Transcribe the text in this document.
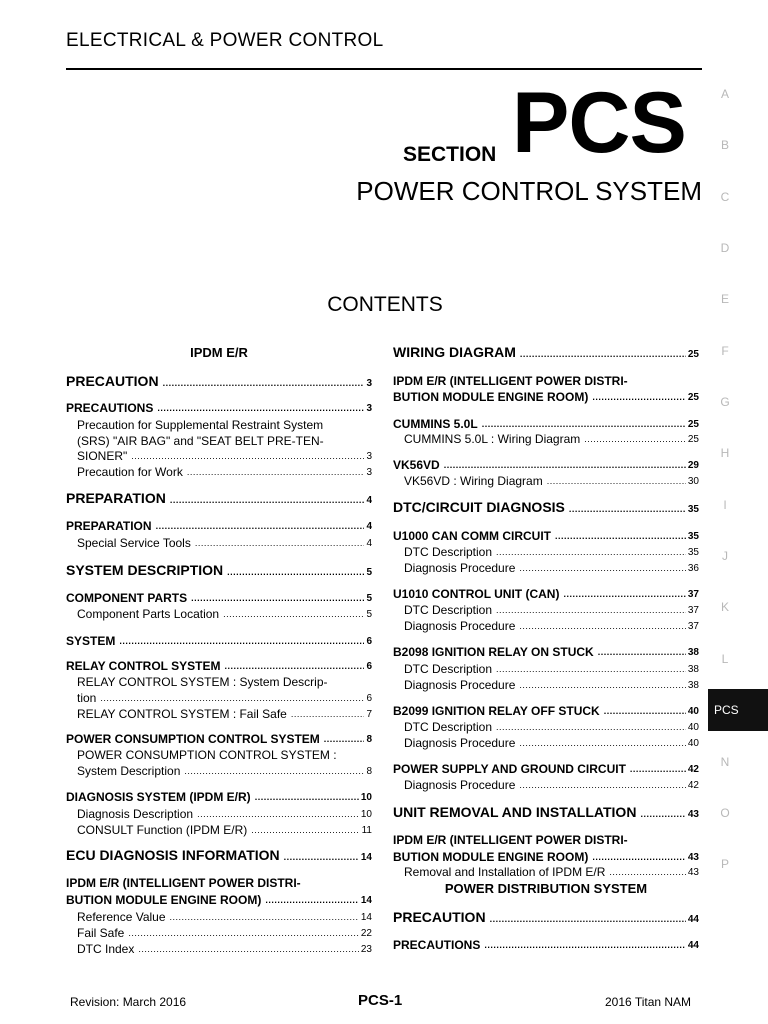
ELECTRICAL & POWER CONTROL
SECTION PCS
POWER CONTROL SYSTEM
CONTENTS
A
B
C
D
E
F
G
H
I
J
K
L
PCS
N
O
P
IPDM E/R
PRECAUTION .....	3
PRECAUTIONS .....	3
Precaution for Supplemental Restraint System
(SRS) "AIR BAG" and "SEAT BELT PRE-TEN-
SIONER" .....	3
Precaution for Work .....	3
PREPARATION .....	4
PREPARATION .....	4
Special Service Tools .....	4
SYSTEM DESCRIPTION .....	5
COMPONENT PARTS .....	5
Component Parts Location .....	5
SYSTEM .....	6
RELAY CONTROL SYSTEM .....	6
RELAY CONTROL SYSTEM : System Descrip-
tion .....	6
RELAY CONTROL SYSTEM : Fail Safe .....	7
POWER CONSUMPTION CONTROL SYSTEM .....	8
POWER CONSUMPTION CONTROL SYSTEM :
System Description .....	8
DIAGNOSIS SYSTEM (IPDM E/R) .....	10
Diagnosis Description .....	10
CONSULT Function (IPDM E/R) .....	11
ECU DIAGNOSIS INFORMATION .....	14
IPDM E/R (INTELLIGENT POWER DISTRI-
BUTION MODULE ENGINE ROOM) .....	14
Reference Value .....	14
Fail Safe .....	22
DTC Index .....	23
WIRING DIAGRAM .....	25
IPDM E/R (INTELLIGENT POWER DISTRI-
BUTION MODULE ENGINE ROOM) .....	25
CUMMINS 5.0L .....	25
CUMMINS 5.0L : Wiring Diagram .....	25
VK56VD .....	29
VK56VD : Wiring Diagram .....	30
DTC/CIRCUIT DIAGNOSIS .....	35
U1000 CAN COMM CIRCUIT .....	35
DTC Description .....	35
Diagnosis Procedure .....	36
U1010 CONTROL UNIT (CAN) .....	37
DTC Description .....	37
Diagnosis Procedure .....	37
B2098 IGNITION RELAY ON STUCK .....	38
DTC Description .....	38
Diagnosis Procedure .....	38
B2099 IGNITION RELAY OFF STUCK .....	40
DTC Description .....	40
Diagnosis Procedure .....	40
POWER SUPPLY AND GROUND CIRCUIT .....	42
Diagnosis Procedure .....	42
UNIT REMOVAL AND INSTALLATION .....	43
IPDM E/R (INTELLIGENT POWER DISTRI-
BUTION MODULE ENGINE ROOM) .....	43
Removal and Installation of IPDM E/R .....	43
POWER DISTRIBUTION SYSTEM
PRECAUTION .....	44
PRECAUTIONS .....	44
Revision: March 2016	PCS-1	2016 Titan NAM
